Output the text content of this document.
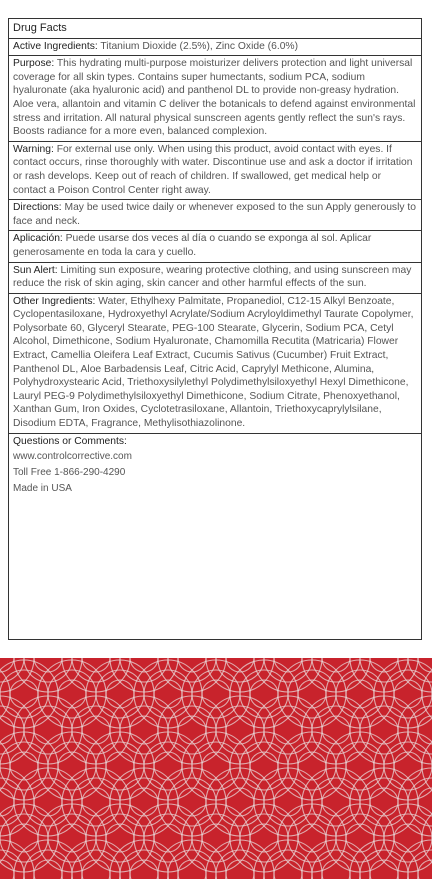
Drug Facts
Active Ingredients: Titanium Dioxide (2.5%), Zinc Oxide (6.0%)
Purpose: This hydrating multi-purpose moisturizer delivers protection and light universal coverage for all skin types. Contains super humectants, sodium PCA, sodium hyaluronate (aka hyaluronic acid) and panthenol DL to provide non-greasy hydration. Aloe vera, allantoin and vitamin C deliver the botanicals to defend against environmental stress and irritation. All natural physical sunscreen agents gently reflect the sun's rays. Boosts radiance for a more even, balanced complexion.
Warning: For external use only. When using this product, avoid contact with eyes. If contact occurs, rinse thoroughly with water. Discontinue use and ask a doctor if irritation or rash develops. Keep out of reach of children. If swallowed, get medical help or contact a Poison Control Center right away.
Directions: May be used twice daily or whenever exposed to the sun Apply generously to face and neck.
Aplicación: Puede usarse dos veces al día o cuando se exponga al sol. Aplicar generosamente en toda la cara y cuello.
Sun Alert: Limiting sun exposure, wearing protective clothing, and using sunscreen may reduce the risk of skin aging, skin cancer and other harmful effects of the sun.
Other Ingredients: Water, Ethylhexy Palmitate, Propanediol, C12-15 Alkyl Benzoate, Cyclopentasiloxane, Hydroxyethyl Acrylate/Sodium Acryloyldimethyl Taurate Copolymer, Polysorbate 60, Glyceryl Stearate, PEG-100 Stearate, Glycerin, Sodium PCA, Cetyl Alcohol, Dimethicone, Sodium Hyaluronate, Chamomilla Recutita (Matricaria) Flower Extract, Camellia Oleifera Leaf Extract, Cucumis Sativus (Cucumber) Fruit Extract, Panthenol DL, Aloe Barbadensis Leaf, Citric Acid, Caprylyl Methicone, Alumina, Polyhydroxystearic Acid, Triethoxysilylethyl Polydimethylsiloxyethyl Hexyl Dimethicone, Lauryl PEG-9 Polydimethylsiloxyethyl Dimethicone, Sodium Citrate, Phenoxyethanol, Xanthan Gum, Iron Oxides, Cyclotetrasiloxane, Allantoin, Triethoxycaprylylsilane, Disodium EDTA, Fragrance, Methylisothiazolinone.
Questions or Comments:
www.controlcorrective.com
Toll Free 1-866-290-4290
Made in USA
